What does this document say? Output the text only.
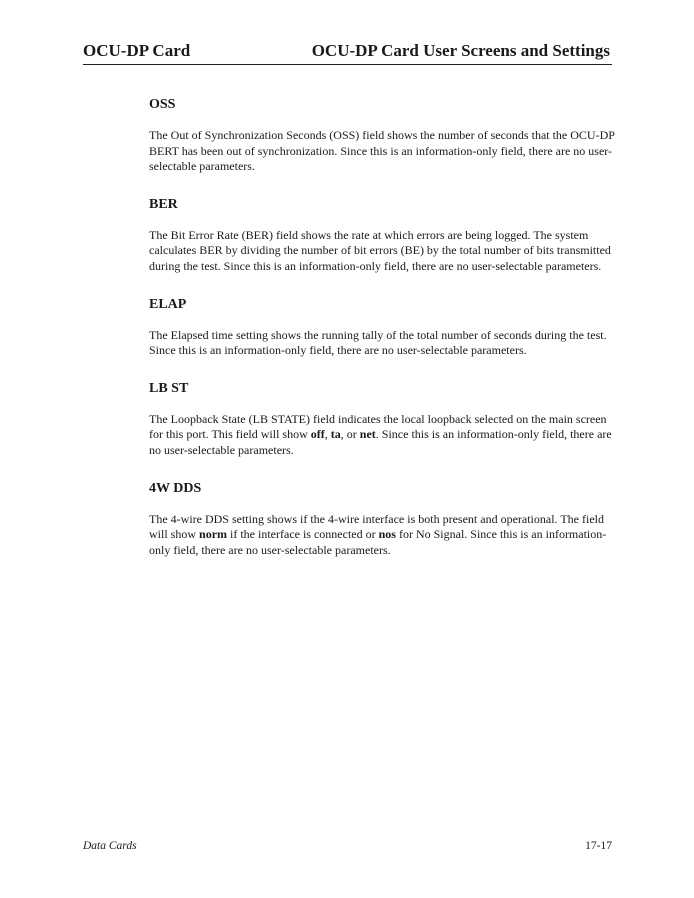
OCU-DP Card	OCU-DP Card User Screens and Settings
OSS

The Out of Synchronization Seconds (OSS) field shows the number of seconds that the OCU-DP BERT has been out of synchronization. Since this is an information-only field, there are no user-selectable parameters.

BER

The Bit Error Rate (BER) field shows the rate at which errors are being logged. The system calculates BER by dividing the number of bit errors (BE) by the total number of bits transmitted during the test. Since this is an information-only field, there are no user-selectable parameters.

ELAP

The Elapsed time setting shows the running tally of the total number of seconds during the test. Since this is an information-only field, there are no user-selectable parameters.

LB ST

The Loopback State (LB STATE) field indicates the local loopback selected on the main screen for this port. This field will show off, ta, or net. Since this is an information-only field, there are no user-selectable parameters.

4W DDS

The 4-wire DDS setting shows if the 4-wire interface is both present and operational. The field will show norm if the interface is connected or nos for No Signal. Since this is an information-only field, there are no user-selectable parameters.

Data Cards	17-17
